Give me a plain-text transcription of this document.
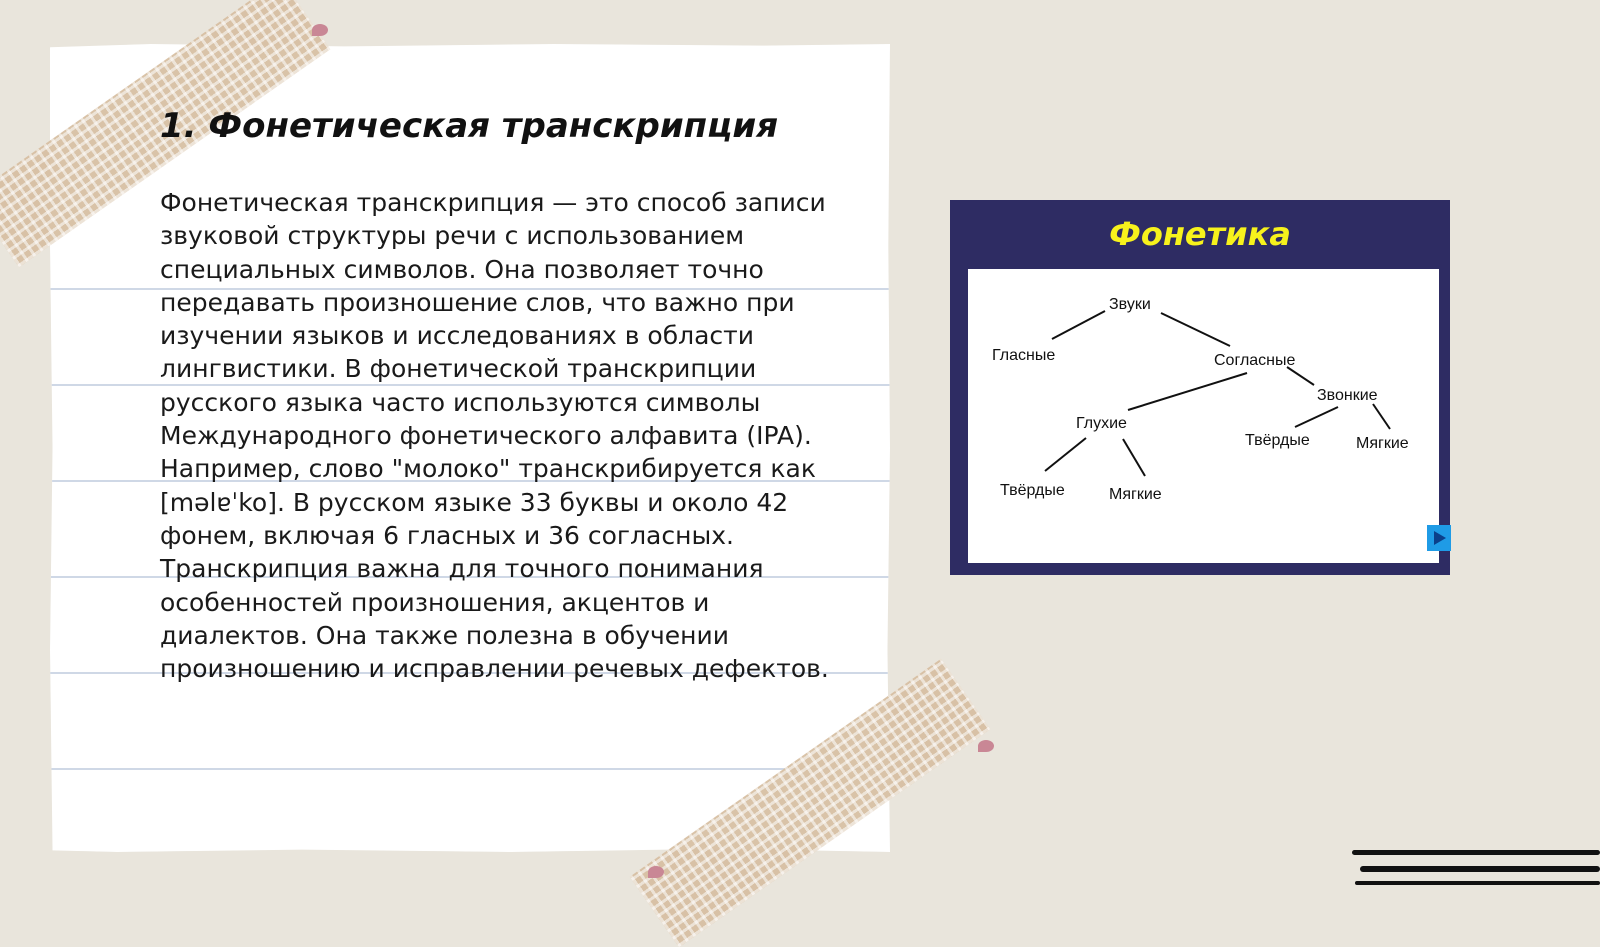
1. Фонетическая транскрипция

Фонетическая транскрипция — это способ записи звуковой структуры речи с использованием специальных символов. Она позволяет точно передавать произношение слов, что важно при изучении языков и исследованиях в области лингвистики. В фонетической транскрипции русского языка часто используются символы Международного фонетического алфавита (IPA). Например, слово "молоко" транскрибируется как [məlɐˈko]. В русском языке 33 буквы и около 42 фонем, включая 6 гласных и 36 согласных. Транскрипция важна для точного понимания особенностей произношения, акцентов и диалектов. Она также полезна в обучении произношению и исправлении речевых дефектов.

Фонетика
Звуки
Гласные	Согласные
Звонкие
Глухие
Твёрдые	Мягкие
Твёрдые	Мягкие
